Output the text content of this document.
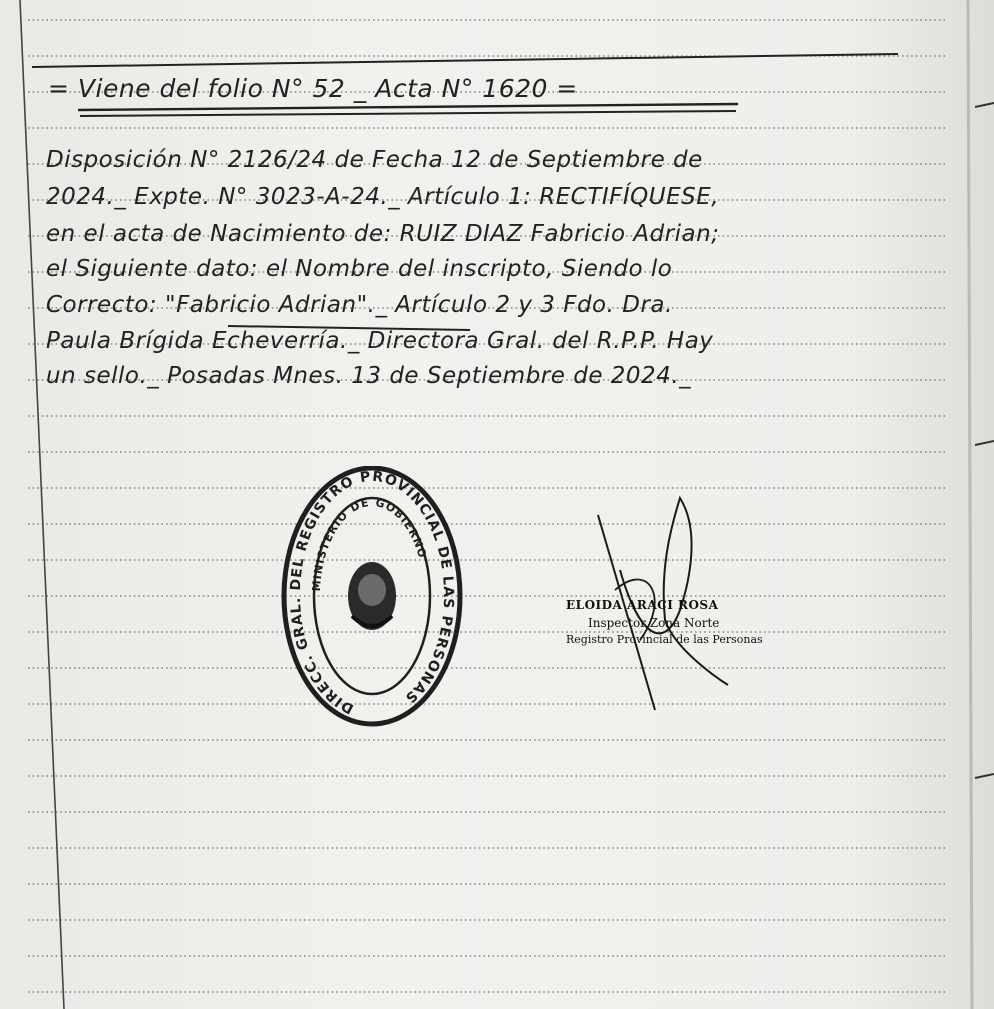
= Viene del folio N° 52 _ Acta N° 1620 =
Disposición N° 2126/24 de Fecha 12 de Septiembre de
2024._ Expte. N° 3023-A-24._ Artículo 1: RECTIFÍQUESE,
en el acta de Nacimiento de: RUIZ DIAZ Fabricio Adrian;
el Siguiente dato: el Nombre del inscripto, Siendo lo
Correcto: "Fabricio Adrian"._ Artículo 2 y 3 Fdo. Dra.
Paula Brígida Echeverría._ Directora Gral. del R.P.P. Hay
un sello._ Posadas Mnes. 13 de Septiembre de 2024._
DIRECC. GRAL. DEL REGISTRO PROVINCIAL DE LAS PERSONAS
MINISTERIO DE GOBIERNO
ELOIDA ARACI ROSA
Inspector Zona Norte
Registro Provincial de las Personas
